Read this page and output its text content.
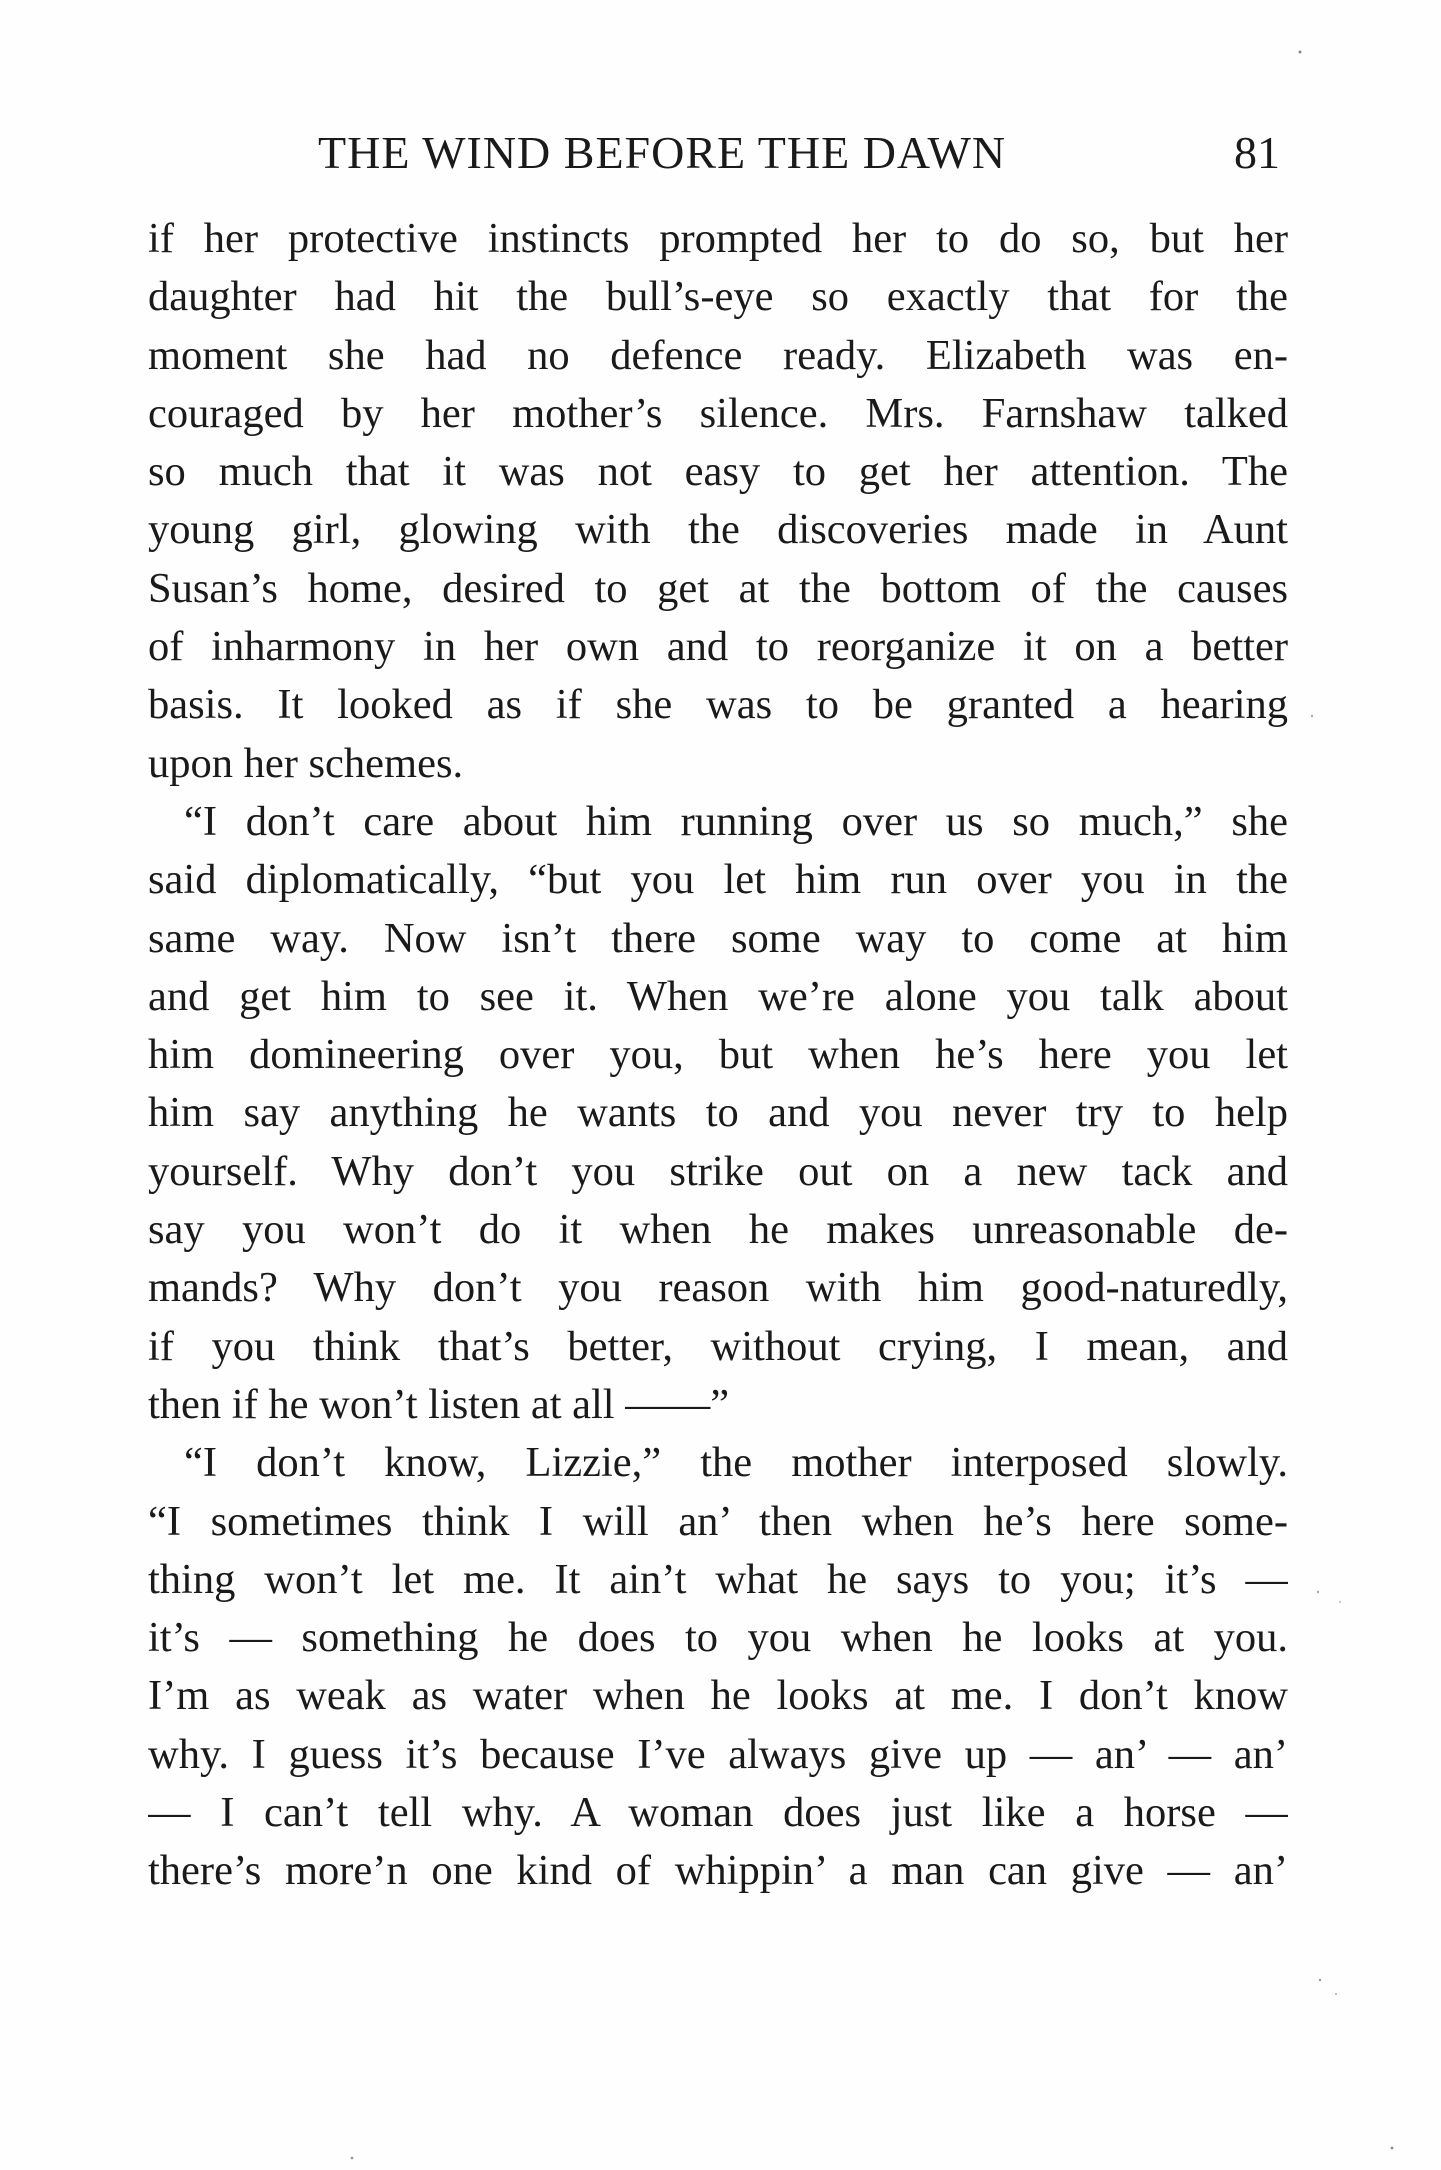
THE WIND BEFORE THE DAWN	81
if her protective instincts prompted her to do so, but her
daughter had hit the bull’s-eye so exactly that for the
moment she had no defence ready. Elizabeth was en-
couraged by her mother’s silence. Mrs. Farnshaw talked
so much that it was not easy to get her attention. The
young girl, glowing with the discoveries made in Aunt
Susan’s home, desired to get at the bottom of the causes
of inharmony in her own and to reorganize it on a better
basis. It looked as if she was to be granted a hearing
upon her schemes.
“I don’t care about him running over us so much,” she
said diplomatically, “but you let him run over you in the
same way. Now isn’t there some way to come at him
and get him to see it. When we’re alone you talk about
him domineering over you, but when he’s here you let
him say anything he wants to and you never try to help
yourself. Why don’t you strike out on a new tack and
say you won’t do it when he makes unreasonable de-
mands? Why don’t you reason with him good-naturedly,
if you think that’s better, without crying, I mean, and
then if he won’t listen at all ——”
“I don’t know, Lizzie,” the mother interposed slowly.
“I sometimes think I will an’ then when he’s here some-
thing won’t let me. It ain’t what he says to you; it’s —
it’s — something he does to you when he looks at you.
I’m as weak as water when he looks at me. I don’t know
why. I guess it’s because I’ve always give up — an’ — an’
— I can’t tell why. A woman does just like a horse —
there’s more’n one kind of whippin’ a man can give — an’
